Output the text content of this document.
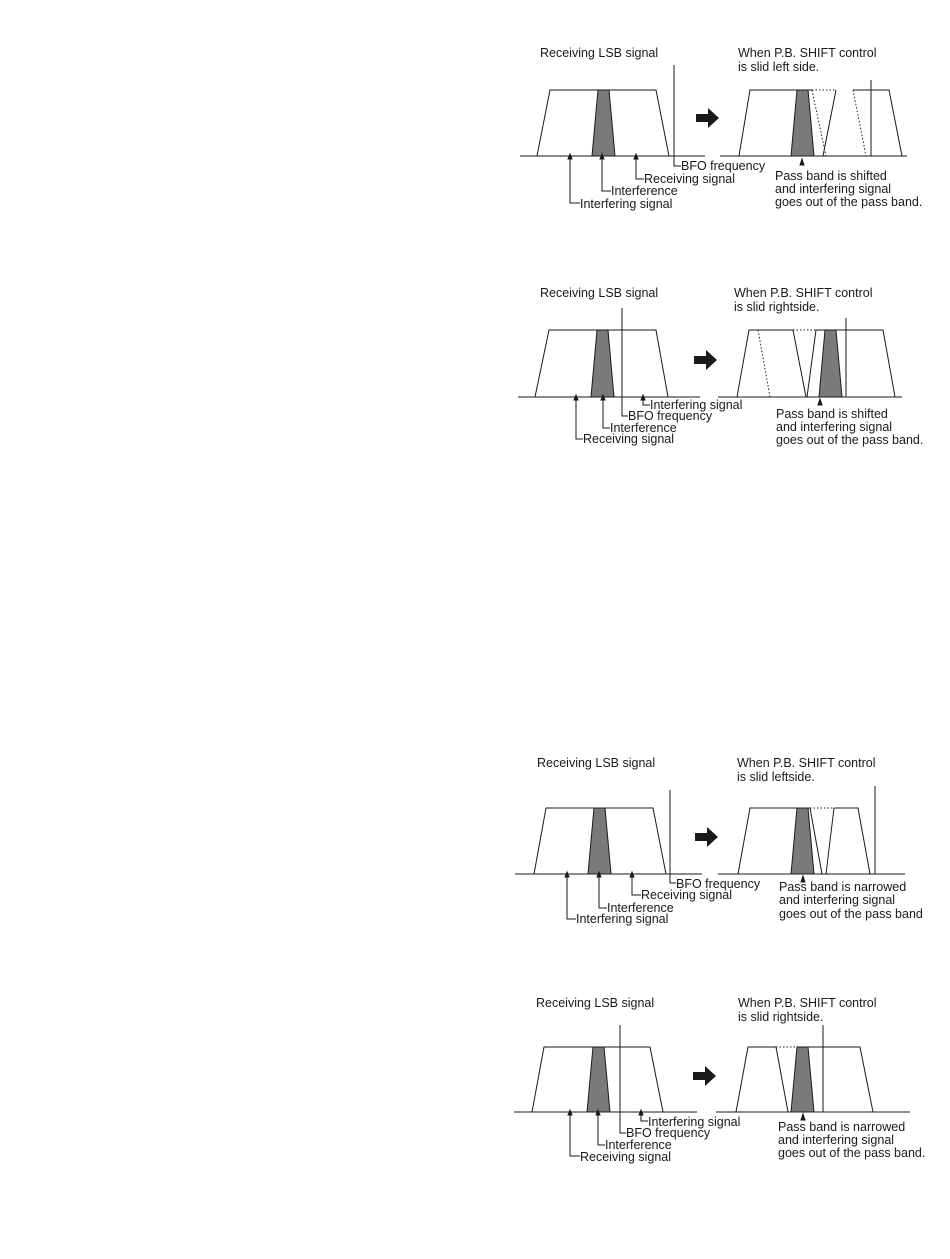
Receiving LSB signal	When P.B. SHIFT control
is slid left side.
BFO frequency
Receiving signal
Interference
Interfering signal
Pass band is shifted
and interfering signal
goes out of the pass band.
Receiving LSB signal	When P.B. SHIFT control
is slid rightside.
Interfering signal
BFO frequency
Interference
Receiving signal
Pass band is shifted
and interfering signal
goes out of the pass band.
Receiving LSB signal	When P.B. SHIFT control
is slid leftside.
BFO frequency
Receiving signal
Interference
Interfering signal
Pass band is narrowed
and interfering signal
goes out of the pass band
Receiving LSB signal	When P.B. SHIFT control
is slid rightside.
Interfering signal
BFO frequency
Interference
Receiving signal
Pass band is narrowed
and interfering signal
goes out of the pass band.
